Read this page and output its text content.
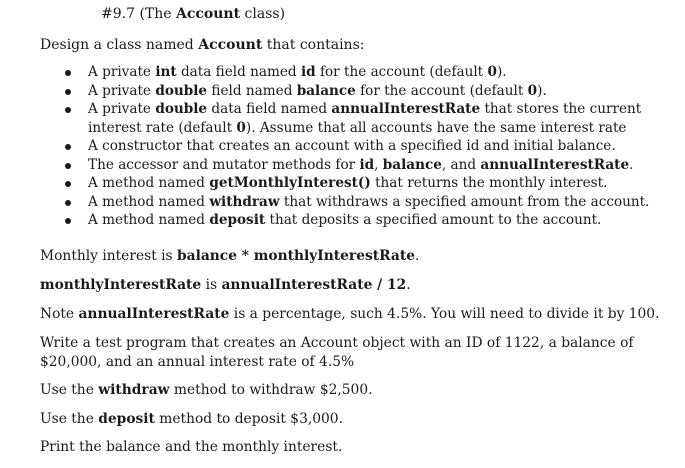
#9.7 (The Account class)
Design a class named Account that contains:
A private int data field named id for the account (default 0).
A private double field named balance for the account (default 0).
A private double data field named annualInterestRate that stores the current interest rate (default 0). Assume that all accounts have the same interest rate
A constructor that creates an account with a specified id and initial balance.
The accessor and mutator methods for id, balance, and annualInterestRate.
A method named getMonthlyInterest() that returns the monthly interest.
A method named withdraw that withdraws a specified amount from the account.
A method named deposit that deposits a specified amount to the account.
Monthly interest is balance * monthlyInterestRate.
monthlyInterestRate is annualInterestRate / 12.
Note annualInterestRate is a percentage, such 4.5%. You will need to divide it by 100.
Write a test program that creates an Account object with an ID of 1122, a balance of $20,000, and an annual interest rate of 4.5%
Use the withdraw method to withdraw $2,500.
Use the deposit method to deposit $3,000.
Print the balance and the monthly interest.
